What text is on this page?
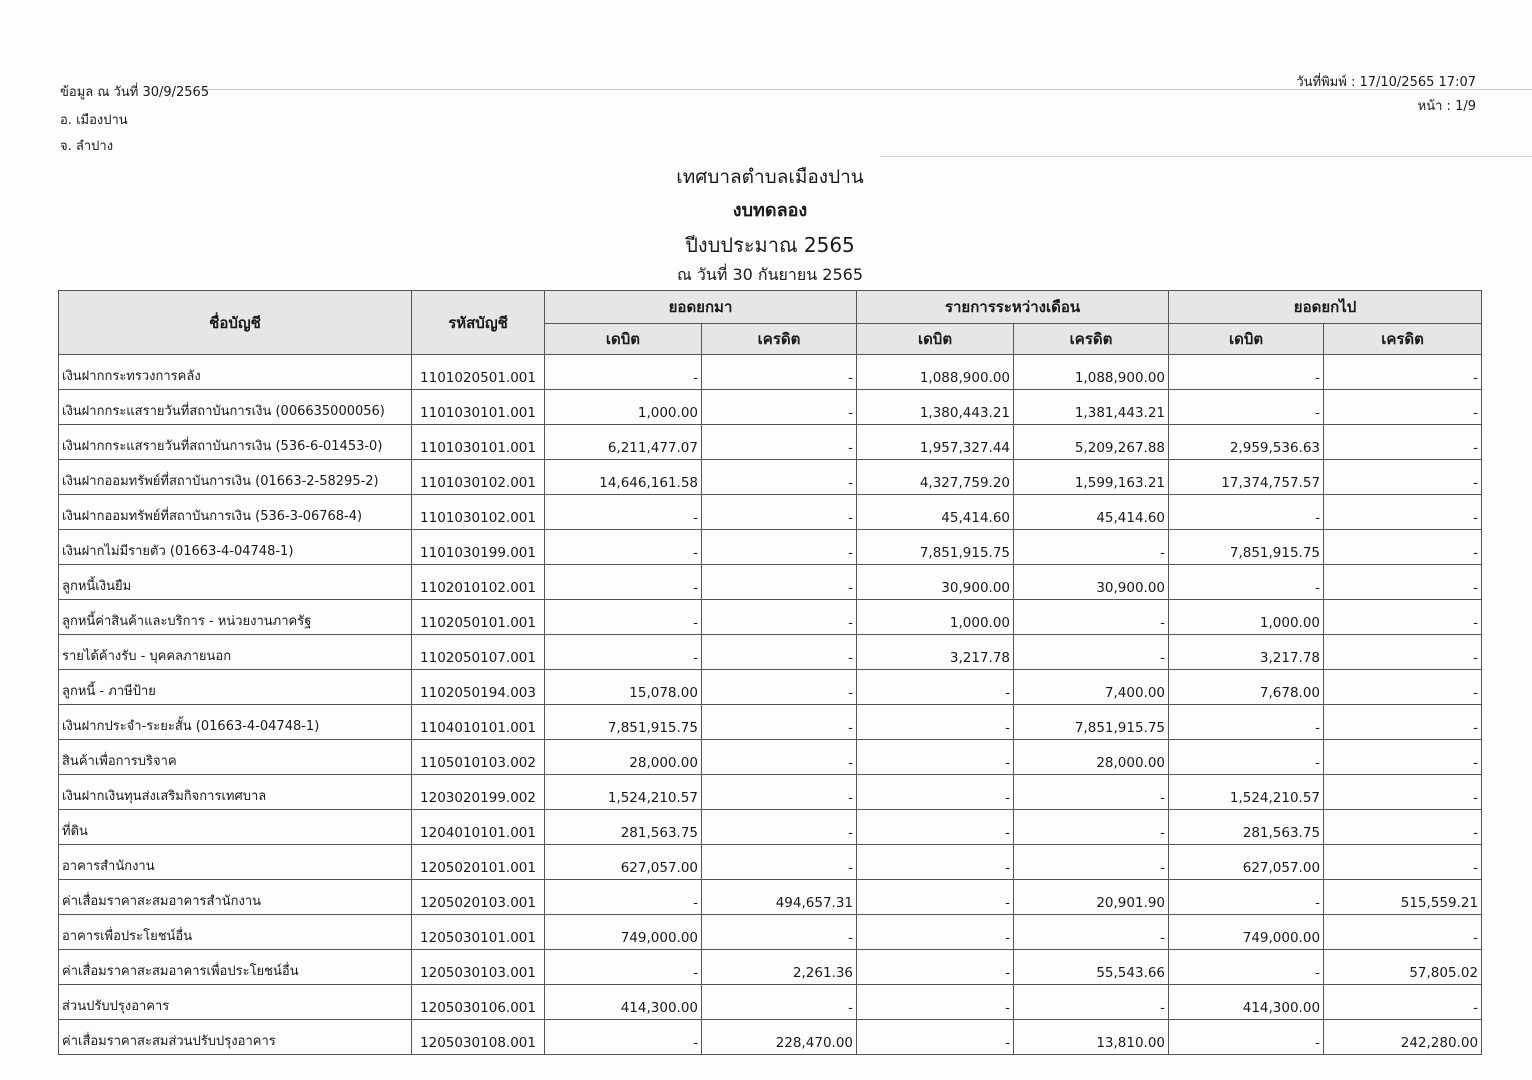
ข้อมูล ณ วันที่ 30/9/2565
อ. เมืองปาน
จ. ลำปาง
วันที่พิมพ์ : 17/10/2565 17:07
หน้า : 1/9
เทศบาลตำบลเมืองปาน
งบทดลอง
ปีงบประมาณ 2565
ณ วันที่ 30 กันยายน 2565
ชื่อบัญชี	รหัสบัญชี	ยอดยกมา		รายการระหว่างเดือน		ยอดยกไป	
		เดบิต	เครดิต	เดบิต	เครดิต	เดบิต	เครดิต
เงินฝากกระทรวงการคลัง	1101020501.001	-	-	1,088,900.00	1,088,900.00	-	-
เงินฝากกระแสรายวันที่สถาบันการเงิน (006635000056)	1101030101.001	1,000.00	-	1,380,443.21	1,381,443.21	-	-
เงินฝากกระแสรายวันที่สถาบันการเงิน (536-6-01453-0)	1101030101.001	6,211,477.07	-	1,957,327.44	5,209,267.88	2,959,536.63	-
เงินฝากออมทรัพย์ที่สถาบันการเงิน (01663-2-58295-2)	1101030102.001	14,646,161.58	-	4,327,759.20	1,599,163.21	17,374,757.57	-
เงินฝากออมทรัพย์ที่สถาบันการเงิน (536-3-06768-4)	1101030102.001	-	-	45,414.60	45,414.60	-	-
เงินฝากไม่มีรายตัว (01663-4-04748-1)	1101030199.001	-	-	7,851,915.75	-	7,851,915.75	-
ลูกหนี้เงินยืม	1102010102.001	-	-	30,900.00	30,900.00	-	-
ลูกหนี้ค่าสินค้าและบริการ - หน่วยงานภาครัฐ	1102050101.001	-	-	1,000.00	-	1,000.00	-
รายได้ค้างรับ - บุคคลภายนอก	1102050107.001	-	-	3,217.78	-	3,217.78	-
ลูกหนี้ - ภาษีป้าย	1102050194.003	15,078.00	-	-	7,400.00	7,678.00	-
เงินฝากประจำ-ระยะสั้น (01663-4-04748-1)	1104010101.001	7,851,915.75	-	-	7,851,915.75	-	-
สินค้าเพื่อการบริจาค	1105010103.002	28,000.00	-	-	28,000.00	-	-
เงินฝากเงินทุนส่งเสริมกิจการเทศบาล	1203020199.002	1,524,210.57	-	-	-	1,524,210.57	-
ที่ดิน	1204010101.001	281,563.75	-	-	-	281,563.75	-
อาคารสำนักงาน	1205020101.001	627,057.00	-	-	-	627,057.00	-
ค่าเสื่อมราคาสะสมอาคารสำนักงาน	1205020103.001	-	494,657.31	-	20,901.90	-	515,559.21
อาคารเพื่อประโยชน์อื่น	1205030101.001	749,000.00	-	-	-	749,000.00	-
ค่าเสื่อมราคาสะสมอาคารเพื่อประโยชน์อื่น	1205030103.001	-	2,261.36	-	55,543.66	-	57,805.02
ส่วนปรับปรุงอาคาร	1205030106.001	414,300.00	-	-	-	414,300.00	-
ค่าเสื่อมราคาสะสมส่วนปรับปรุงอาคาร	1205030108.001	-	228,470.00	-	13,810.00	-	242,280.00
